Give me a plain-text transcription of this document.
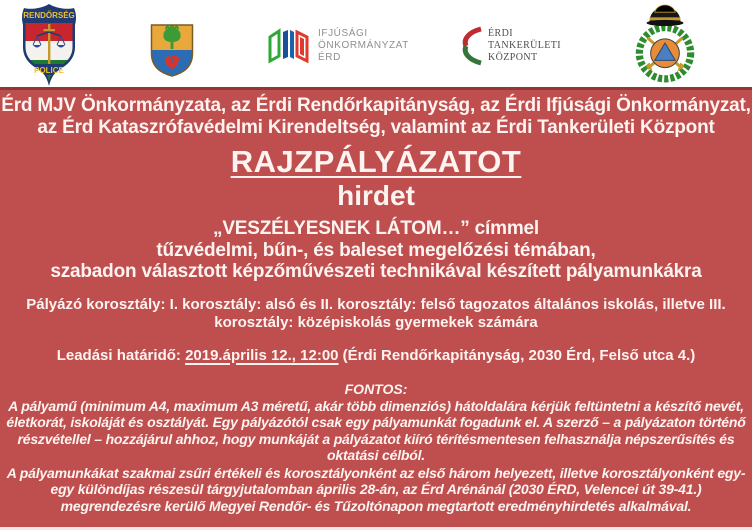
RENDŐRSÉG
POLICE
IFJÚSÁGI
ÖNKORMÁNYZAT
ÉRD
ÉRDI
TANKERÜLETI
KÖZPONT
Érd MJV Önkormányzata, az Érdi Rendőrkapitányság, az Érdi Ifjúsági Önkormányzat,
az Érd Kataszrófavédelmi Kirendeltség, valamint az Érdi Tankerületi Központ
RAJZPÁLYÁZATOT
hirdet
„VESZÉLYESNEK LÁTOM…” címmel
tűzvédelmi, bűn-, és baleset megelőzési témában,
szabadon választott képzőművészeti technikával készített pályamunkákra
Pályázó korosztály: I. korosztály: alsó és II. korosztály: felső tagozatos általános iskolás, illetve III. korosztály: középiskolás gyermekek számára
Leadási határidő: 2019.április 12., 12:00 (Érdi Rendőrkapitányság, 2030 Érd, Felső utca 4.)
FONTOS:
A pályamű (minimum A4, maximum A3 méretű, akár több dimenziós) hátoldalára kérjük feltüntetni a készítő nevét, életkorát, iskoláját és osztályát. Egy pályázótól csak egy pályamunkát fogadunk el. A szerző – a pályázaton történő részvétellel – hozzájárul ahhoz, hogy munkáját a pályázatot kiíró térítésmentesen felhasználja népszerűsítés és oktatási célból.
A pályamunkákat szakmai zsűri értékeli és korosztályonként az első három helyezett, illetve korosztályonként egy-egy különdíjas részesül tárgyjutalomban április 28-án, az Érd Arénánál (2030 ÉRD, Velencei út 39-41.) megrendezésre kerülő Megyei Rendőr- és Tűzoltónapon megtartott eredményhirdetés alkalmával.
